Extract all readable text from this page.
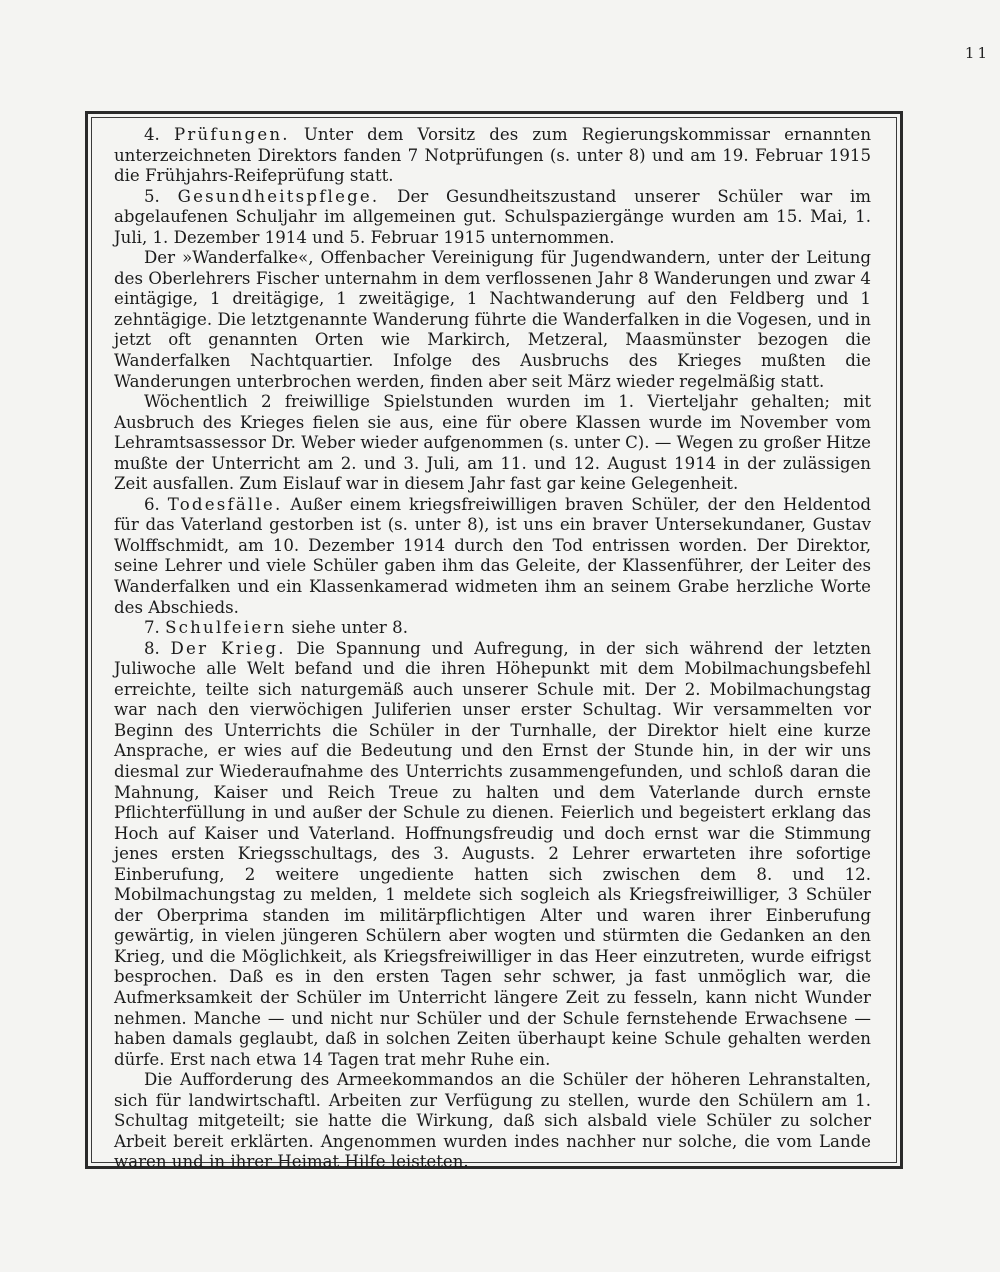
11

4. Prüfungen. Unter dem Vorsitz des zum Regierungskommissar ernannten unterzeichneten Direktors fanden 7 Notprüfungen (s. unter 8) und am 19. Februar 1915 die Frühjahrs-Reifeprüfung statt.

5. Gesundheitspflege. Der Gesundheitszustand unserer Schüler war im abgelaufenen Schuljahr im allgemeinen gut. Schulspaziergänge wurden am 15. Mai, 1. Juli, 1. Dezember 1914 und 5. Februar 1915 unternommen.

Der »Wanderfalke«, Offenbacher Vereinigung für Jugendwandern, unter der Leitung des Oberlehrers Fischer unternahm in dem verflossenen Jahr 8 Wanderungen und zwar 4 eintägige, 1 dreitägige, 1 zweitägige, 1 Nachtwanderung auf den Feldberg und 1 zehntägige. Die letztgenannte Wanderung führte die Wanderfalken in die Vogesen, und in jetzt oft genannten Orten wie Markirch, Metzeral, Maasmünster bezogen die Wanderfalken Nachtquartier. Infolge des Ausbruchs des Krieges mußten die Wanderungen unterbrochen werden, finden aber seit März wieder regelmäßig statt.

Wöchentlich 2 freiwillige Spielstunden wurden im 1. Vierteljahr gehalten; mit Ausbruch des Krieges fielen sie aus, eine für obere Klassen wurde im November vom Lehramtsassessor Dr. Weber wieder aufgenommen (s. unter C). — Wegen zu großer Hitze mußte der Unterricht am 2. und 3. Juli, am 11. und 12. August 1914 in der zulässigen Zeit ausfallen. Zum Eislauf war in diesem Jahr fast gar keine Gelegenheit.

6. Todesfälle. Außer einem kriegsfreiwilligen braven Schüler, der den Heldentod für das Vaterland gestorben ist (s. unter 8), ist uns ein braver Untersekundaner, Gustav Wolffschmidt, am 10. Dezember 1914 durch den Tod entrissen worden. Der Direktor, seine Lehrer und viele Schüler gaben ihm das Geleite, der Klassenführer, der Leiter des Wanderfalken und ein Klassenkamerad widmeten ihm an seinem Grabe herzliche Worte des Abschieds.

7. Schulfeiern siehe unter 8.

8. Der Krieg. Die Spannung und Aufregung, in der sich während der letzten Juliwoche alle Welt befand und die ihren Höhepunkt mit dem Mobilmachungsbefehl erreichte, teilte sich naturgemäß auch unserer Schule mit. Der 2. Mobilmachungstag war nach den vierwöchigen Juliferien unser erster Schultag. Wir versammelten vor Beginn des Unterrichts die Schüler in der Turnhalle, der Direktor hielt eine kurze Ansprache, er wies auf die Bedeutung und den Ernst der Stunde hin, in der wir uns diesmal zur Wiederaufnahme des Unterrichts zusammengefunden, und schloß daran die Mahnung, Kaiser und Reich Treue zu halten und dem Vaterlande durch ernste Pflichterfüllung in und außer der Schule zu dienen. Feierlich und begeistert erklang das Hoch auf Kaiser und Vaterland. Hoffnungsfreudig und doch ernst war die Stimmung jenes ersten Kriegsschultags, des 3. Augusts. 2 Lehrer erwarteten ihre sofortige Einberufung, 2 weitere ungediente hatten sich zwischen dem 8. und 12. Mobilmachungstag zu melden, 1 meldete sich sogleich als Kriegsfreiwilliger, 3 Schüler der Oberprima standen im militärpflichtigen Alter und waren ihrer Einberufung gewärtig, in vielen jüngeren Schülern aber wogten und stürmten die Gedanken an den Krieg, und die Möglichkeit, als Kriegsfreiwilliger in das Heer einzutreten, wurde eifrigst besprochen. Daß es in den ersten Tagen sehr schwer, ja fast unmöglich war, die Aufmerksamkeit der Schüler im Unterricht längere Zeit zu fesseln, kann nicht Wunder nehmen. Manche — und nicht nur Schüler und der Schule fernstehende Erwachsene — haben damals geglaubt, daß in solchen Zeiten überhaupt keine Schule gehalten werden dürfe. Erst nach etwa 14 Tagen trat mehr Ruhe ein.

Die Aufforderung des Armeekommandos an die Schüler der höheren Lehranstalten, sich für landwirtschaftl. Arbeiten zur Verfügung zu stellen, wurde den Schülern am 1. Schultag mitgeteilt; sie hatte die Wirkung, daß sich alsbald viele Schüler zu solcher Arbeit bereit erklärten. Angenommen wurden indes nachher nur solche, die vom Lande waren und in ihrer Heimat Hilfe leisteten.
